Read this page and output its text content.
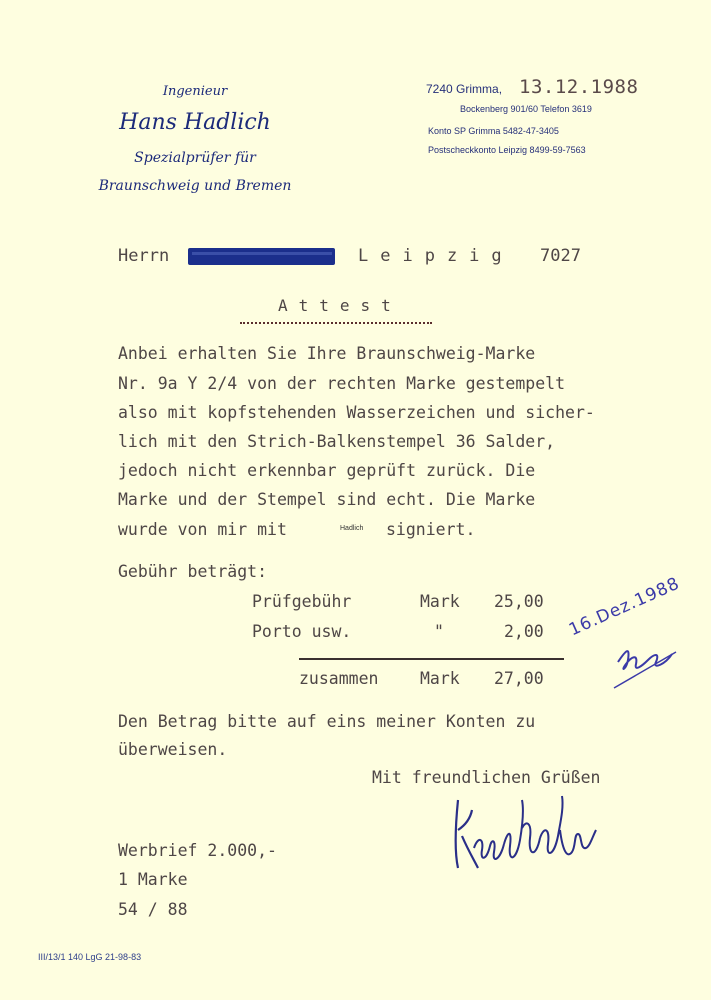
Ingenieur
Hans Hadlich
Spezialprüfer für
Braunschweig und Bremen
7240 Grimma, 13.12.1988
Bockenberg 901/60 Telefon 3619
Konto SP Grimma 5482-47-3405
Postscheckkonto Leipzig 8499-59-7563
Herrn	Leipzig 7027
Attest
Anbei erhalten Sie Ihre Braunschweig-Marke
Nr. 9a Y 2/4 von der rechten Marke gestempelt
also mit kopfstehenden Wasserzeichen und sicher-
lich mit den Strich-Balkenstempel 36 Salder,
jedoch nicht erkennbar geprüft zurück. Die
Marke und der Stempel sind echt. Die Marke
wurde von mir mit	Hadlich signiert.
Gebühr beträgt:
Prüfgebühr	Mark 25,00
Porto usw.	"	2,00
zusammen	Mark 27,00
16.Dez.1988
Den Betrag bitte auf eins meiner Konten zu
überweisen.
Mit freundlichen Grüßen
Werbrief 2.000,-
1 Marke
54 / 88
III/13/1 140 LgG 21-98-83
